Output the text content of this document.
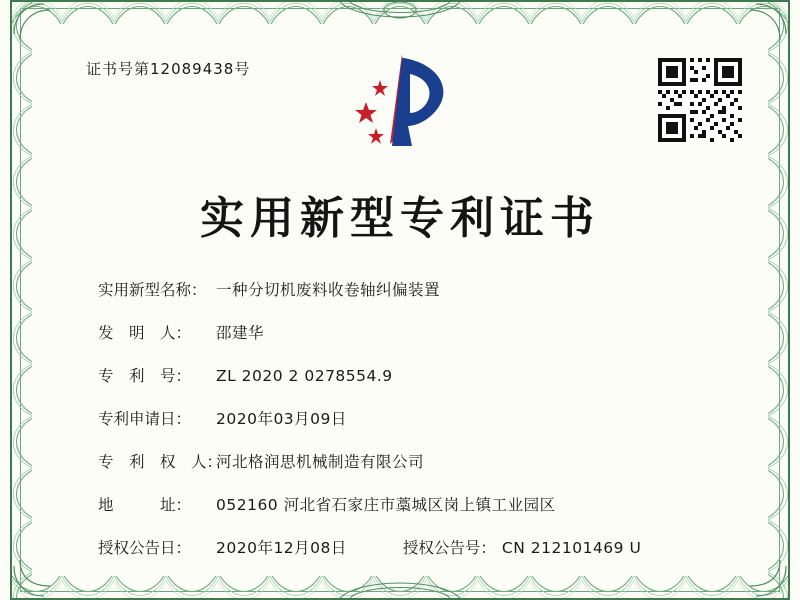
证书号第12089438号
实用新型专利证书
实用新型名称： 一种分切机废料收卷轴纠偏装置
发　明　人：	邵建华
专　利　号：	ZL 2020 2 0278554.9
专利申请日：	2020年03月09日
专　利　权　人：
河北格润思机械制造有限公司
地　　　址：	052160 河北省石家庄市藁城区岗上镇工业园区
授权公告日：	2020年12月08日	授权公告号： CN 212101469 U
